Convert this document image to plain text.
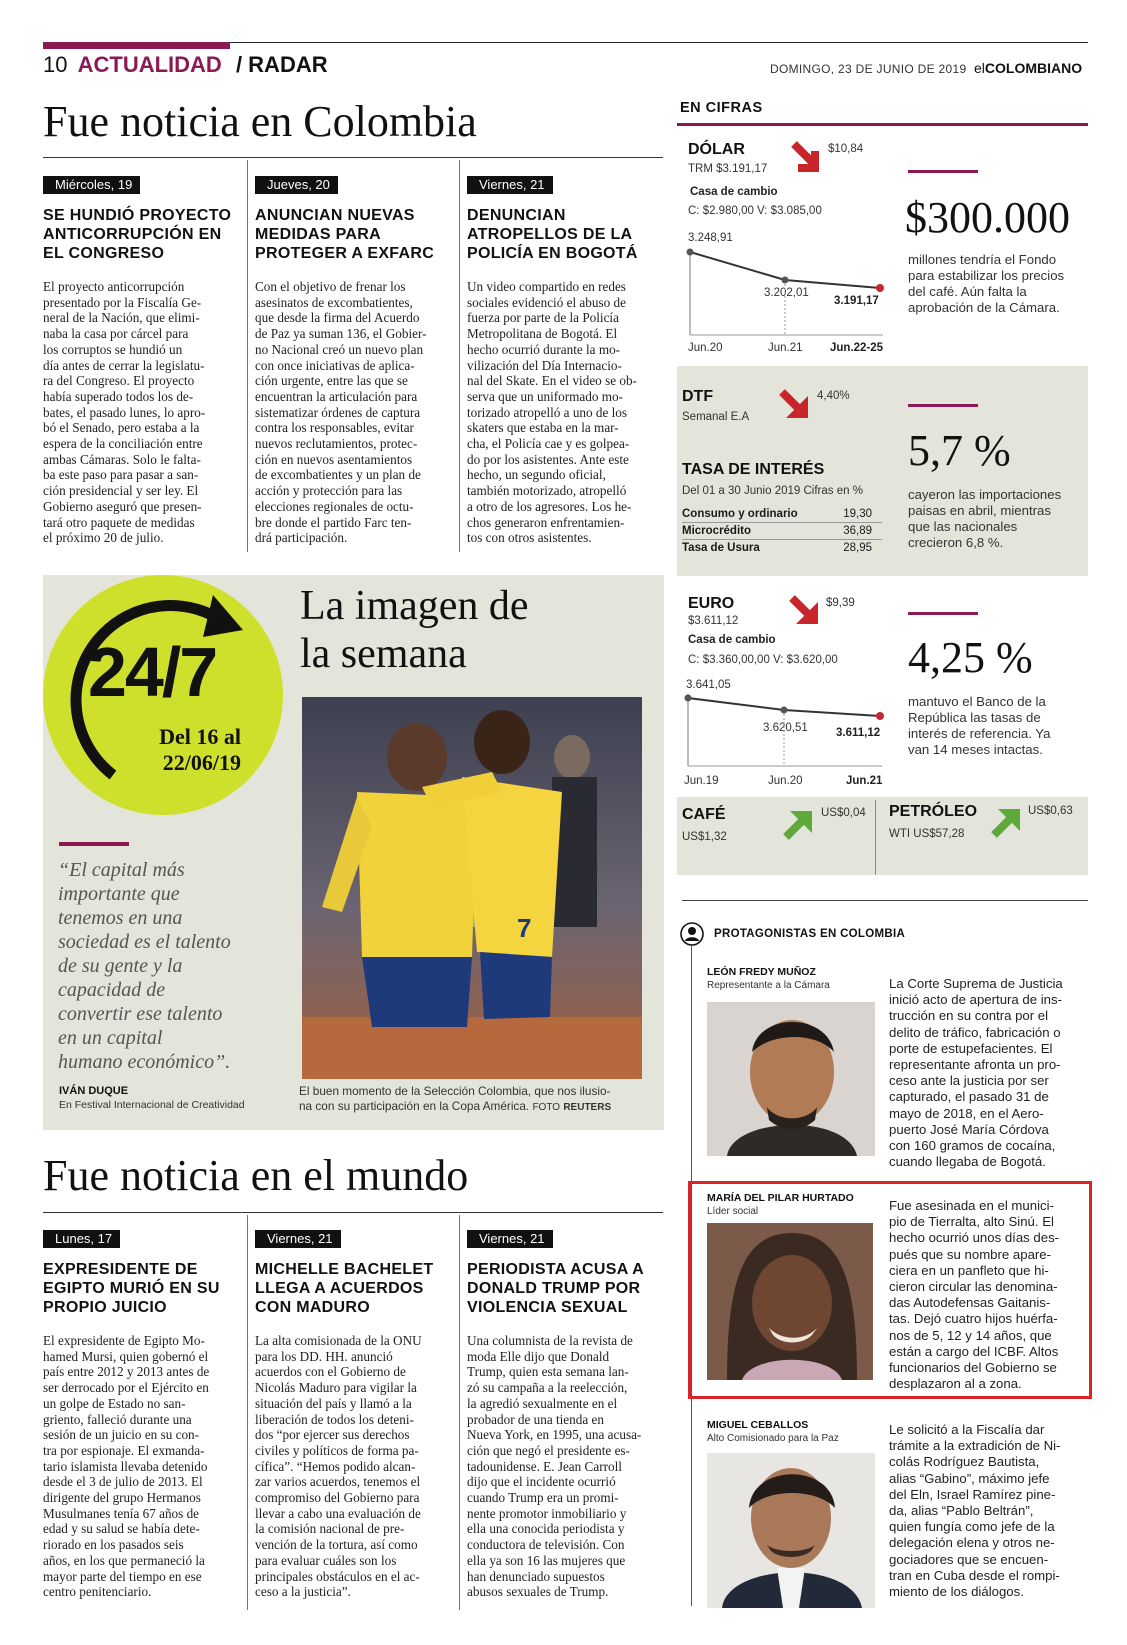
10 ACTUALIDAD / RADAR	DOMINGO, 23 DE JUNIO DE 2019 elCOLOMBIANO
Fue noticia en Colombia
Miércoles, 19
SE HUNDIÓ PROYECTO
ANTICORRUPCIÓN EN
EL CONGRESO
El proyecto anticorrupción
presentado por la Fiscalía Ge-
neral de la Nación, que elimi-
naba la casa por cárcel para
los corruptos se hundió un
día antes de cerrar la legislatu-
ra del Congreso. El proyecto
había superado todos los de-
bates, el pasado lunes, lo apro-
bó el Senado, pero estaba a la
espera de la conciliación entre
ambas Cámaras. Solo le falta-
ba este paso para pasar a san-
ción presidencial y ser ley. El
Gobierno aseguró que presen-
tará otro paquete de medidas
el próximo 20 de julio.
Jueves, 20
ANUNCIAN NUEVAS
MEDIDAS PARA
PROTEGER A EXFARC
Con el objetivo de frenar los
asesinatos de excombatientes,
que desde la firma del Acuerdo
de Paz ya suman 136, el Gobier-
no Nacional creó un nuevo plan
con once iniciativas de aplica-
ción urgente, entre las que se
encuentran la articulación para
sistematizar órdenes de captura
contra los responsables, evitar
nuevos reclutamientos, protec-
ción en nuevos asentamientos
de excombatientes y un plan de
acción y protección para las
elecciones regionales de octu-
bre donde el partido Farc ten-
drá participación.
Viernes, 21
DENUNCIAN
ATROPELLOS DE LA
POLICÍA EN BOGOTÁ
Un video compartido en redes
sociales evidenció el abuso de
fuerza por parte de la Policía
Metropolitana de Bogotá. El
hecho ocurrió durante la mo-
vilización del Día Internacio-
nal del Skate. En el video se ob-
serva que un uniformado mo-
torizado atropelló a uno de los
skaters que estaba en la mar-
cha, el Policía cae y es golpea-
do por los asistentes. Ante este
hecho, un segundo oficial,
también motorizado, atropelló
a otro de los agresores. Los he-
chos generaron enfrentamien-
tos con otros asistentes.
EN CIFRAS
DÓLAR
TRM $3.191,17
$10,84
Casa de cambio
C: $2.980,00 V: $3.085,00
3.248,91
3.202,01
3.191,17
Jun.20	Jun.21 Jun.22-25
$300.000
millones tendría el Fondo
para estabilizar los precios
del café. Aún falta la
aprobación de la Cámara.
DTF
Semanal E.A
4,40%
TASA DE INTERÉS
Del 01 a 30 Junio 2019 Cifras en %
Consumo y ordinario	19,30
Microcrédito	36,89
Tasa de Usura	28,95
5,7 %
cayeron las importaciones
paisas en abril, mientras
que las nacionales
crecieron 6,8 %.
EURO
$3.611,12
$9,39
Casa de cambio
C: $3.360,00,00 V: $3.620,00
3.641,05
3.620,51 3.611,12
Jun.19	Jun.20	Jun.21
4,25 %
mantuvo el Banco de la
República las tasas de
interés de referencia. Ya
van 14 meses intactas.
CAFÉ
US$1,32
US$0,04 PETRÓLEO
WTI US$57,28
US$0,63
24/7
Del 16 al
22/06/19
La imagen de
la semana
7
El buen momento de la Selección Colombia, que nos ilusio-
na con su participación en la Copa América. FOTO REUTERS
“El capital más
importante que
tenemos en una
sociedad es el talento
de su gente y la
capacidad de
convertir ese talento
en un capital
humano económico”.
IVÁN DUQUE
En Festival Internacional de Creatividad
Fue noticia en el mundo
Lunes, 17
EXPRESIDENTE DE
EGIPTO MURIÓ EN SU
PROPIO JUICIO
El expresidente de Egipto Mo-
hamed Mursi, quien gobernó el
país entre 2012 y 2013 antes de
ser derrocado por el Ejército en
un golpe de Estado no san-
griento, falleció durante una
sesión de un juicio en su con-
tra por espionaje. El exmanda-
tario islamista llevaba detenido
desde el 3 de julio de 2013. El
dirigente del grupo Hermanos
Musulmanes tenía 67 años de
edad y su salud se había dete-
riorado en los pasados seis
años, en los que permaneció la
mayor parte del tiempo en ese
centro penitenciario.
Viernes, 21
MICHELLE BACHELET
LLEGA A ACUERDOS
CON MADURO
La alta comisionada de la ONU
para los DD. HH. anunció
acuerdos con el Gobierno de
Nicolás Maduro para vigilar la
situación del país y llamó a la
liberación de todos los deteni-
dos “por ejercer sus derechos
civiles y políticos de forma pa-
cífica”. “Hemos podido alcan-
zar varios acuerdos, tenemos el
compromiso del Gobierno para
llevar a cabo una evaluación de
la comisión nacional de pre-
vención de la tortura, así como
para evaluar cuáles son los
principales obstáculos en el ac-
ceso a la justicia”.
Viernes, 21
PERIODISTA ACUSA A
DONALD TRUMP POR
VIOLENCIA SEXUAL
Una columnista de la revista de
moda Elle dijo que Donald
Trump, quien esta semana lan-
zó su campaña a la reelección,
la agredió sexualmente en el
probador de una tienda en
Nueva York, en 1995, una acusa-
ción que negó el presidente es-
tadounidense. E. Jean Carroll
dijo que el incidente ocurrió
cuando Trump era un promi-
nente promotor inmobiliario y
ella una conocida periodista y
conductora de televisión. Con
ella ya son 16 las mujeres que
han denunciado supuestos
abusos sexuales de Trump.
PROTAGONISTAS EN COLOMBIA
LEÓN FREDY MUÑOZ
Representante a la Cámara	La Corte Suprema de Justicia
inició acto de apertura de ins-
trucción en su contra por el
delito de tráfico, fabricación o
porte de estupefacientes. El
representante afronta un pro-
ceso ante la justicia por ser
capturado, el pasado 31 de
mayo de 2018, en el Aero-
puerto José María Córdova
con 160 gramos de cocaína,
cuando llegaba de Bogotá.
MARÍA DEL PILAR HURTADO
Líder social	Fue asesinada en el munici-
pio de Tierralta, alto Sinú. El
hecho ocurrió unos días des-
pués que su nombre apare-
ciera en un panfleto que hi-
cieron circular las denomina-
das Autodefensas Gaitanis-
tas. Dejó cuatro hijos huérfa-
nos de 5, 12 y 14 años, que
están a cargo del ICBF. Altos
funcionarios del Gobierno se
desplazaron al a zona.
MIGUEL CEBALLOS
Alto Comisionado para la Paz
Le solicitó a la Fiscalía dar
trámite a la extradición de Ni-
colás Rodríguez Bautista,
alias “Gabino”, máximo jefe
del Eln, Israel Ramírez pine-
da, alias “Pablo Beltrán”,
quien fungía como jefe de la
delegación elena y otros ne-
gociadores que se encuen-
tran en Cuba desde el rompi-
miento de los diálogos.
